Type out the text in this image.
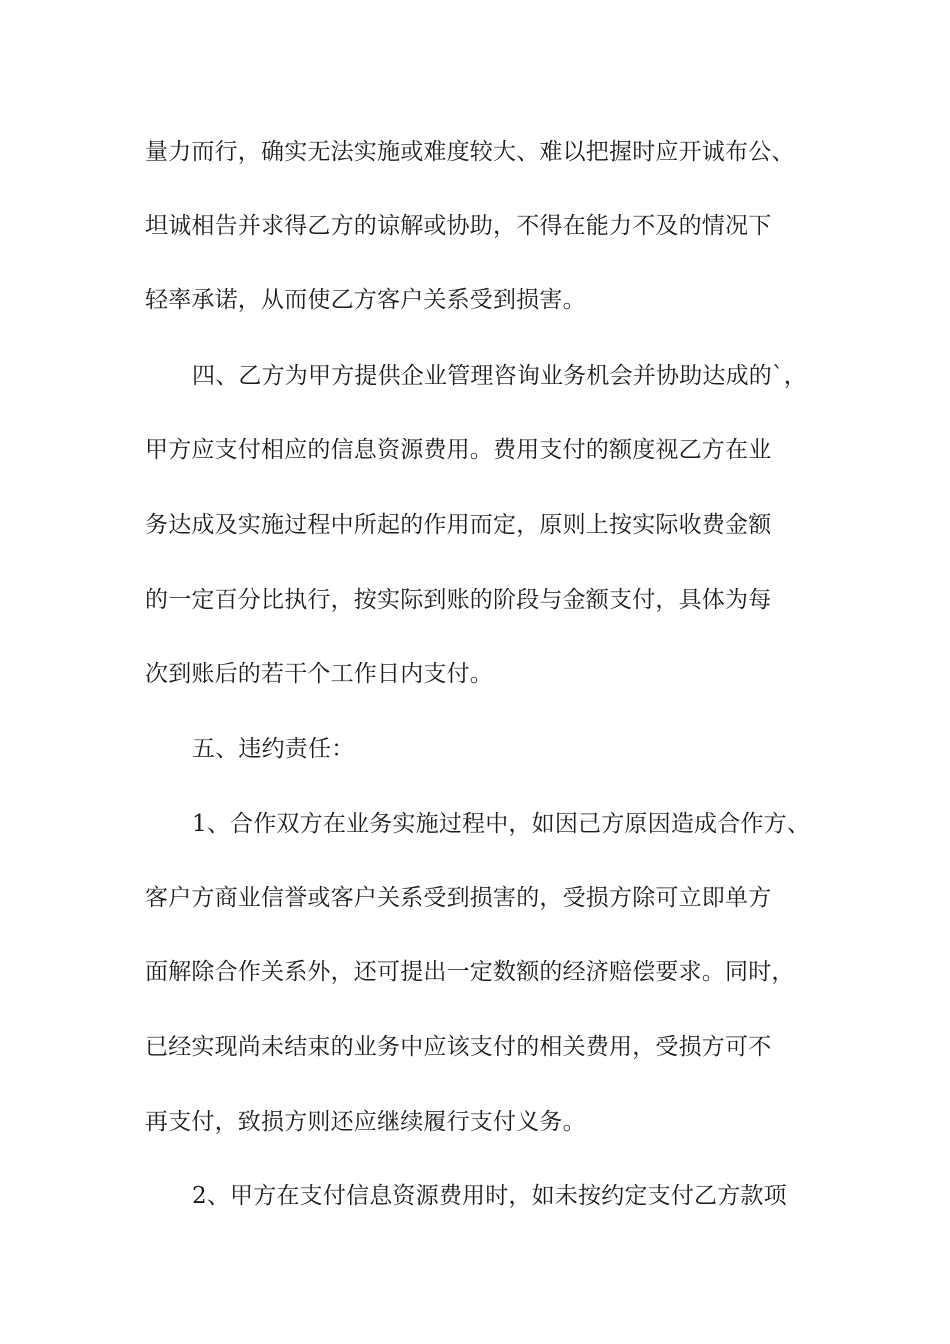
量力而行，确实无法实施或难度较大、难以把握时应开诚布公、
坦诚相告并求得乙方的谅解或协助，不得在能力不及的情况下
轻率承诺，从而使乙方客户关系受到损害。
四、乙方为甲方提供企业管理咨询业务机会并协助达成的`，
甲方应支付相应的信息资源费用。费用支付的额度视乙方在业
务达成及实施过程中所起的作用而定，原则上按实际收费金额
的一定百分比执行，按实际到账的阶段与金额支付，具体为每
次到账后的若干个工作日内支付。
五、违约责任：
1、合作双方在业务实施过程中，如因己方原因造成合作方、
客户方商业信誉或客户关系受到损害的，受损方除可立即单方
面解除合作关系外，还可提出一定数额的经济赔偿要求。同时，
已经实现尚未结束的业务中应该支付的相关费用，受损方可不
再支付，致损方则还应继续履行支付义务。
2、甲方在支付信息资源费用时，如未按约定支付乙方款项
